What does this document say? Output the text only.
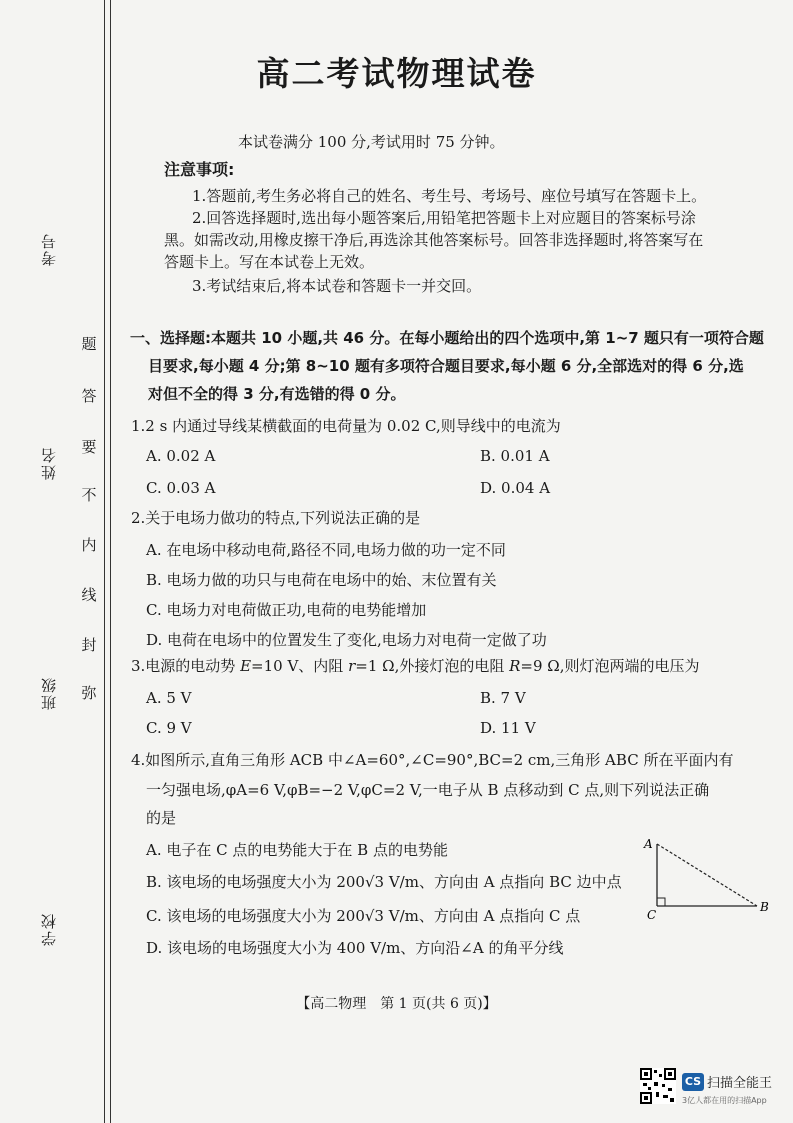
考号
姓名
班级
学校
题
答
要
不
内
线
封
弥
高二考试物理试卷
本试卷满分 100 分,考试用时 75 分钟。
注意事项:
1.答题前,考生务必将自己的姓名、考生号、考场号、座位号填写在答题卡上。
2.回答选择题时,选出每小题答案后,用铅笔把答题卡上对应题目的答案标号涂
黑。如需改动,用橡皮擦干净后,再选涂其他答案标号。回答非选择题时,将答案写在
答题卡上。写在本试卷上无效。
3.考试结束后,将本试卷和答题卡一并交回。
一、选择题:本题共 10 小题,共 46 分。在每小题给出的四个选项中,第 1~7 题只有一项符合题
目要求,每小题 4 分;第 8~10 题有多项符合题目要求,每小题 6 分,全部选对的得 6 分,选
对但不全的得 3 分,有选错的得 0 分。
1.2 s 内通过导线某横截面的电荷量为 0.02 C,则导线中的电流为
A. 0.02 A	B. 0.01 A
C. 0.03 A	D. 0.04 A
2.关于电场力做功的特点,下列说法正确的是
A. 在电场中移动电荷,路径不同,电场力做的功一定不同
B. 电场力做的功只与电荷在电场中的始、末位置有关
C. 电场力对电荷做正功,电荷的电势能增加
D. 电荷在电场中的位置发生了变化,电场力对电荷一定做了功
3.电源的电动势 E=10 V、内阻 r=1 Ω,外接灯泡的电阻 R=9 Ω,则灯泡两端的电压为
A. 5 V	B. 7 V
C. 9 V	D. 11 V
4.如图所示,直角三角形 ACB 中∠A=60°,∠C=90°,BC=2 cm,三角形 ABC 所在平面内有
一匀强电场,φA=6 V,φB=−2 V,φC=2 V,一电子从 B 点移动到 C 点,则下列说法正确
的是
A. 电子在 C 点的电势能大于在 B 点的电势能
B. 该电场的电场强度大小为 200√3 V/m、方向由 A 点指向 BC 边中点
C. 该电场的电场强度大小为 200√3 V/m、方向由 A 点指向 C 点
D. 该电场的电场强度大小为 400 V/m、方向沿∠A 的角平分线
A
C
B
【高二物理　第 1 页(共 6 页)】
CS 扫描全能王
3亿人都在用的扫描App
